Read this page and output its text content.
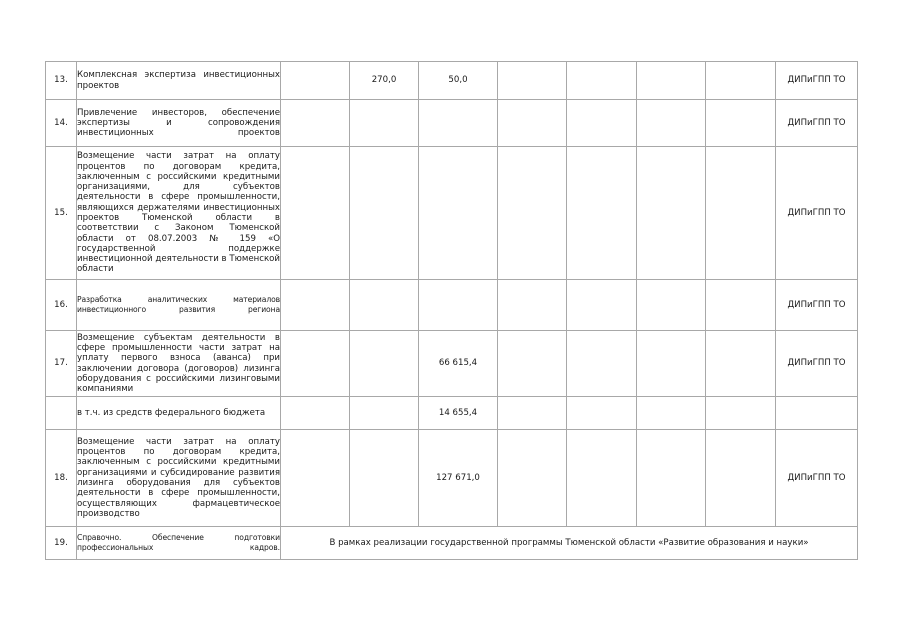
13.	Комплексная экспертиза инвестиционных проектов		270,0	50,0					ДИПиГПП ТО
14.	Привлечение инвесторов, обеспечение экспертизы и сопровождения инвестиционных проектов								ДИПиГПП ТО
15.	Возмещение части затрат на оплату процентов по договорам кредита, заключенным с российскими кредитными организациями, для субъектов деятельности в сфере промышленности, являющихся держателями инвестиционных проектов Тюменской области в соответствии с Законом Тюменской области от 08.07.2003 № 159 «О государственной поддержке инвестиционной деятельности в Тюменской области								ДИПиГПП ТО
16.	Разработка аналитических материалов инвестиционного развития региона								ДИПиГПП ТО
17.	Возмещение субъектам деятельности в сфере промышленности части затрат на уплату первого взноса (аванса) при заключении договора (договоров) лизинга оборудования с российскими лизинговыми компаниями			66 615,4					ДИПиГПП ТО
	в т.ч. из средств федерального бюджета			14 655,4					
18.	Возмещение части затрат на оплату процентов по договорам кредита, заключенным с российскими кредитными организациями и субсидирование развития лизинга оборудования для субъектов деятельности в сфере промышленности, осуществляющих фармацевтическое производство			127 671,0					ДИПиГПП ТО
19.	Справочно. Обеспечение подготовки профессиональных кадров.	В рамках реализации государственной программы Тюменской области «Развитие образования и науки»							
